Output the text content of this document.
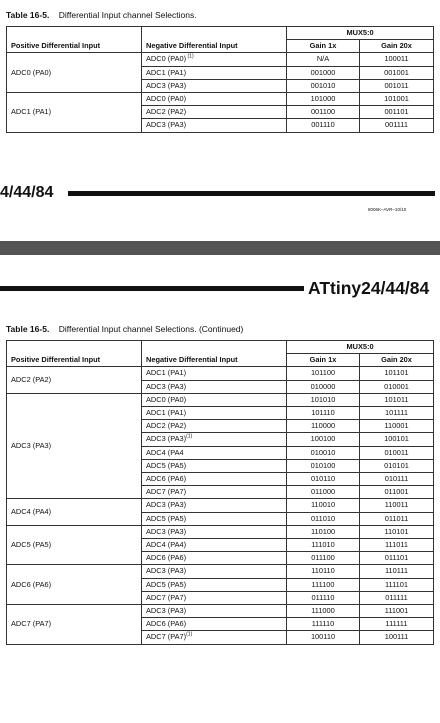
Table 16-5. Differential Input channel Selections.
Positive Differential Input	Negative Differential Input	MUX5:0	
		Gain 1x	Gain 20x
ADC0 (PA0)	ADC0 (PA0) $^{(1)}$	N/A	100011
	ADC1 (PA1)	001000	001001
	ADC3 (PA3)	001010	001011
ADC1 (PA1)	ADC0 (PA0)	101000	101001
	ADC2 (PA2)	001100	001101
	ADC3 (PA3)	001110	001111
4/44/84
8006K–AVR–10/10
ATtiny24/44/84
Table 16-5. Differential Input channel Selections. (Continued)
Positive Differential Input	Negative Differential Input	MUX5:0	
		Gain 1x	Gain 20x
ADC2 (PA2)	ADC1 (PA1)	101100	101101
	ADC3 (PA3)	010000	010001
ADC3 (PA3)	ADC0 (PA0)	101010	101011
	ADC1 (PA1)	101110	101111
	ADC2 (PA2)	110000	110001
	ADC3 $(PA3)^{(1)}$	100100	100101
	ADC4 (PA4	010010	010011
	ADC5 (PA5)	010100	010101
	ADC6 (PA6)	010110	010111
	ADC7 (PA7)	011000	011001
ADC4 (PA4)	ADC3 (PA3)	110010	110011
	ADC5 (PA5)	011010	011011
ADC5 (PA5)	ADC3 (PA3)	110100	110101
	ADC4 (PA4)	111010	111011
	ADC6 (PA6)	011100	011101
ADC6 (PA6)	ADC3 (PA3)	110110	110111
	ADC5 (PA5)	111100	111101
	ADC7 (PA7)	011110	011111
ADC7 (PA7)	ADC3 (PA3)	111000	111001
	ADC6 (PA6)	111110	111111
	ADC7 $(PA7)^{(1)}$	100110	100111
